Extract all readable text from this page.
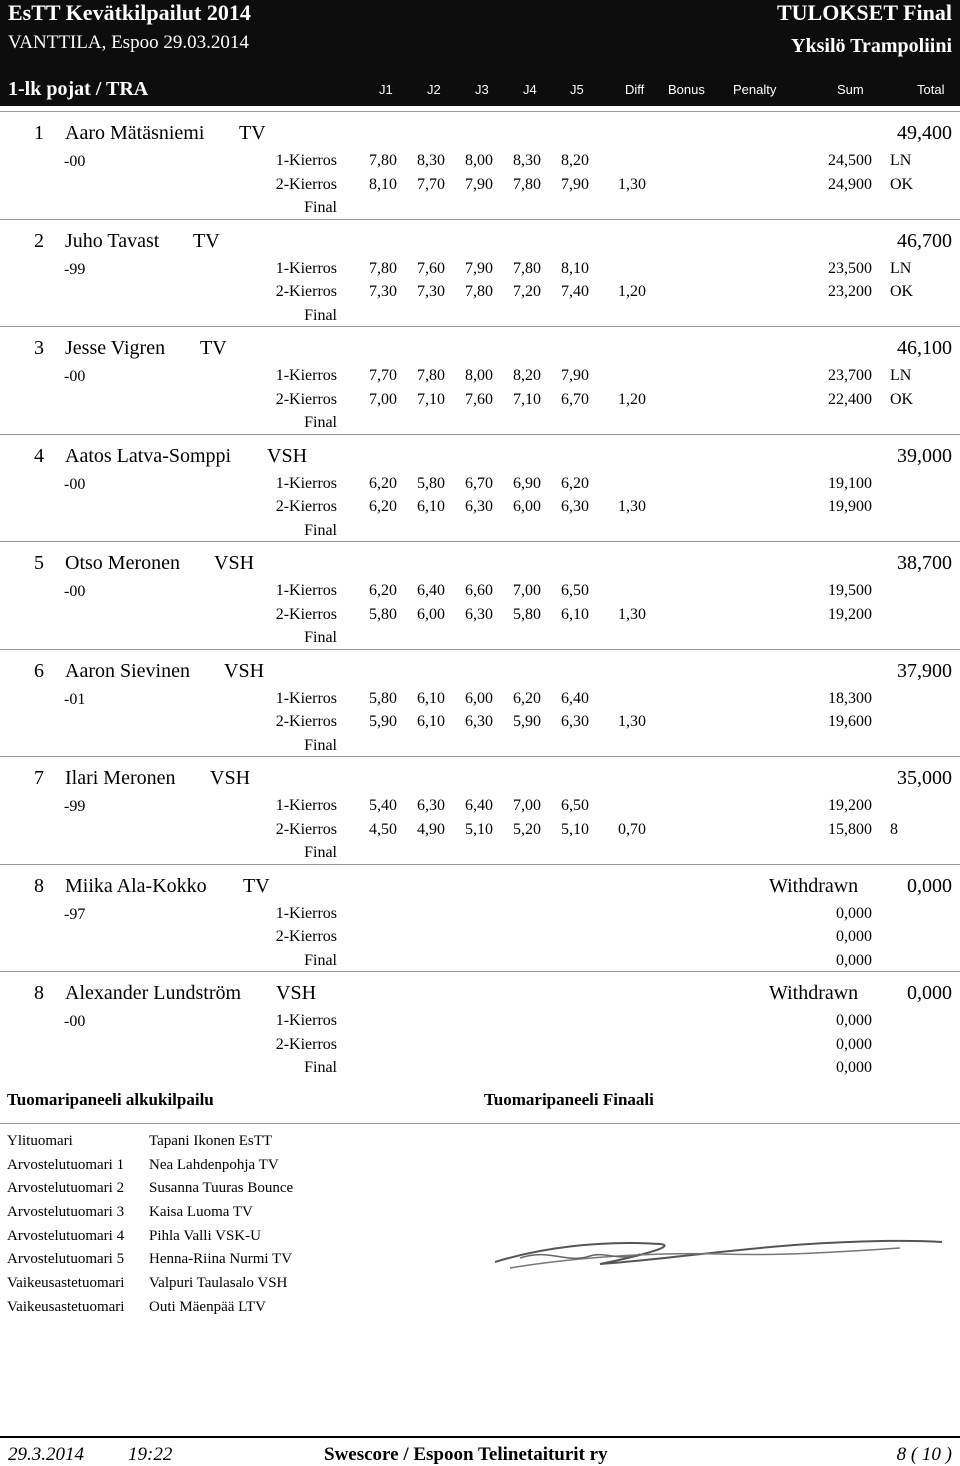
EsTT Kevätkilpailut 2014
VANTTILA, Espoo 29.03.2014
TULOKSET Final
Yksilö Trampoliini
1-lk pojat / TRA	J1	J2	J3	J4	J5	Diff Bonus Penalty	Sum	Total
1 Aaro Mätäsniemi TV	49,400
-00	1-Kierros 7,80 8,30 8,00 8,30 8,20	24,500 LN
2-Kierros 8,10 7,70 7,90 7,80 7,90 1,30	24,900 OK
Final
2 Juho Tavast TV	46,700
-99	1-Kierros 7,80 7,60 7,90 7,80 8,10	23,500 LN
2-Kierros 7,30 7,30 7,80 7,20 7,40 1,20	23,200 OK
Final
3 Jesse Vigren TV	46,100
-00	1-Kierros 7,70 7,80 8,00 8,20 7,90	23,700 LN
2-Kierros 7,00 7,10 7,60 7,10 6,70 1,20	22,400 OK
Final
4 Aatos Latva-Somppi VSH	39,000
-00	1-Kierros 6,20 5,80 6,70 6,90 6,20	19,100
2-Kierros 6,20 6,10 6,30 6,00 6,30 1,30	19,900
Final
5 Otso Meronen VSH	38,700
-00	1-Kierros 6,20 6,40 6,60 7,00 6,50	19,500
2-Kierros 5,80 6,00 6,30 5,80 6,10 1,30	19,200
Final
6 Aaron Sievinen VSH	37,900
-01	1-Kierros 5,80 6,10 6,00 6,20 6,40	18,300
2-Kierros 5,90 6,10 6,30 5,90 6,30 1,30	19,600
Final
7 Ilari Meronen VSH	35,000
-99	1-Kierros 5,40 6,30 6,40 7,00 6,50	19,200
2-Kierros 4,50 4,90 5,10 5,20 5,10 0,70	15,800 8
Final
8 Miika Ala-Kokko TV	Withdrawn 0,000
-97	1-Kierros	0,000
2-Kierros	0,000
Final	0,000
8 Alexander Lundström VSH	Withdrawn 0,000
-00	1-Kierros	0,000
2-Kierros	0,000
Final	0,000
Tuomaripaneeli alkukilpailu	Tuomaripaneeli Finaali
Ylituomari	Tapani Ikonen EsTT
Arvostelutuomari 1 Nea Lahdenpohja TV
Arvostelutuomari 2 Susanna Tuuras Bounce
Arvostelutuomari 3 Kaisa Luoma TV
Arvostelutuomari 4 Pihla Valli VSK-U
Arvostelutuomari 5 Henna-Riina Nurmi TV
Vaikeusastetuomari Valpuri Taulasalo VSH
Vaikeusastetuomari Outi Mäenpää LTV
29.3.2014 19:22	Swescore / Espoon Telinetaiturit ry	8 ( 10 )
